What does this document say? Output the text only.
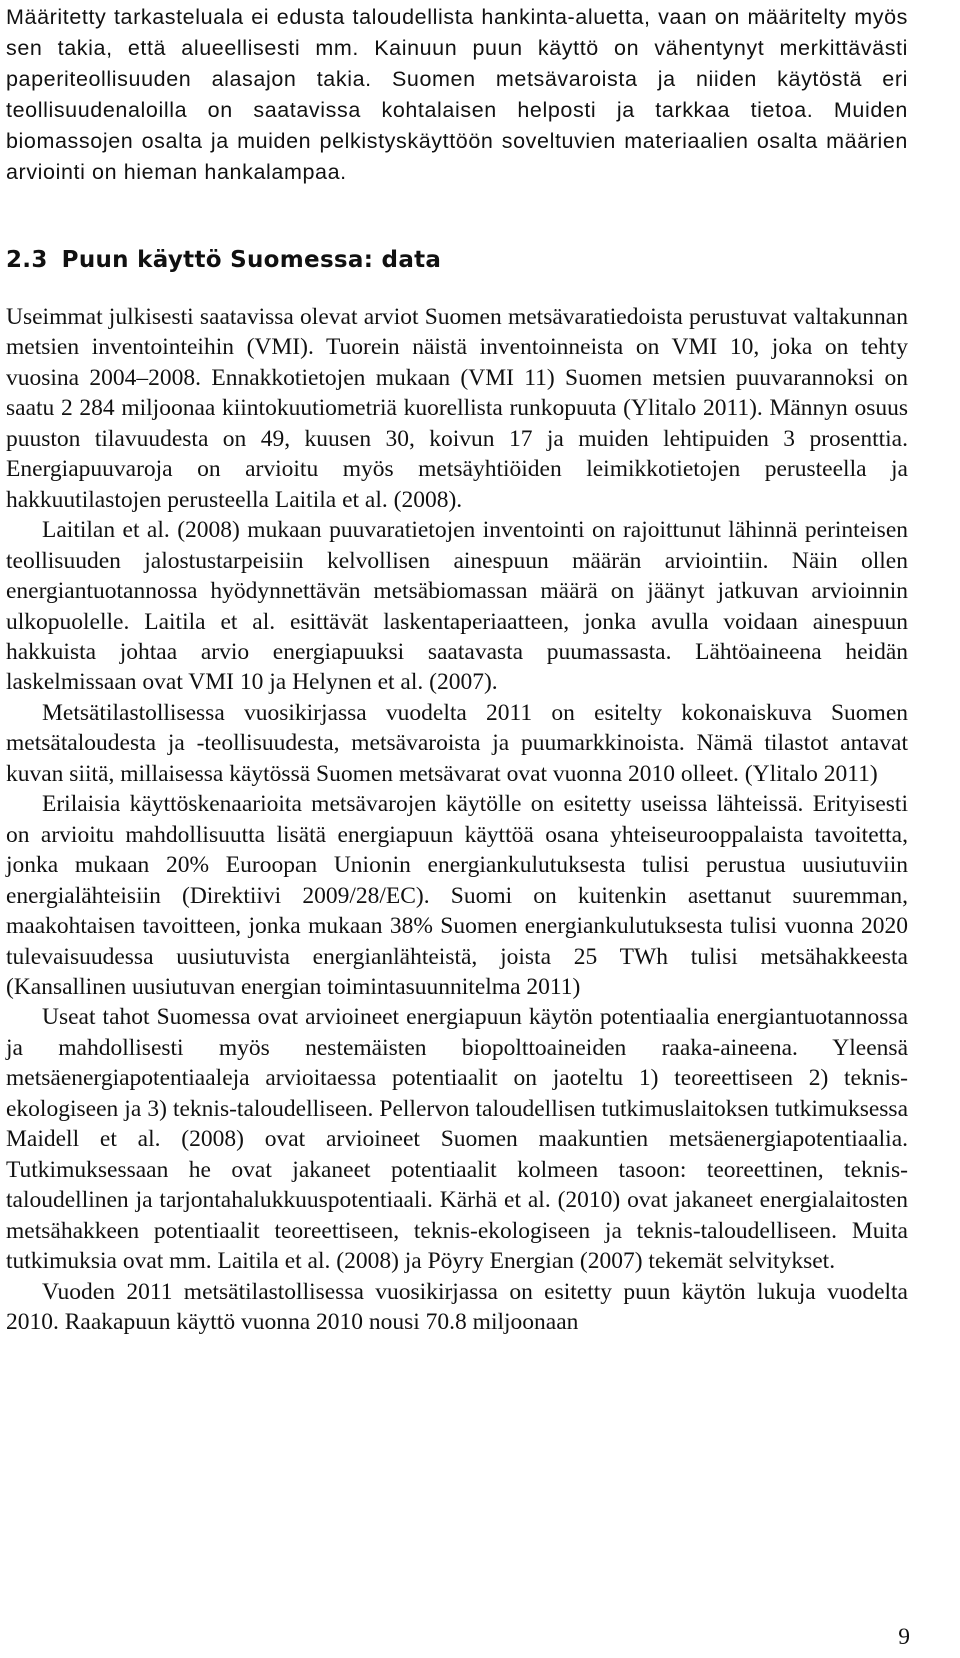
Määritetty tarkasteluala ei edusta taloudellista hankinta-aluetta, vaan on määritelty myös sen takia, että alueellisesti mm. Kainuun puun käyttö on vähentynyt merkittävästi paperiteollisuuden alasajon takia. Suomen metsävaroista ja niiden käytöstä eri teollisuudenaloilla on saatavissa kohtalaisen helposti ja tarkkaa tietoa. Muiden biomassojen osalta ja muiden pelkistyskäyttöön soveltuvien materiaalien osalta määrien arviointi on hieman hankalampaa.
2.3 Puun käyttö Suomessa: data

Useimmat julkisesti saatavissa olevat arviot Suomen metsävaratiedoista perustuvat valtakunnan metsien inventointeihin (VMI). Tuorein näistä inventoinneista on VMI 10, joka on tehty vuosina 2004–2008. Ennakkotietojen mukaan (VMI 11) Suomen metsien puuvarannoksi on saatu 2 284 miljoonaa kiintokuutiometriä kuorellista runkopuuta (Ylitalo 2011). Männyn osuus puuston tilavuudesta on 49, kuusen 30, koivun 17 ja muiden lehtipuiden 3 prosenttia. Energiapuuvaroja on arvioitu myös metsäyhtiöiden leimikkotietojen perusteella ja hakkuutilastojen perusteella Laitila et al. (2008).

Laitilan et al. (2008) mukaan puuvaratietojen inventointi on rajoittunut lähinnä perinteisen teollisuuden jalostustarpeisiin kelvollisen ainespuun määrän arviointiin. Näin ollen energiantuotannossa hyödynnettävän metsäbiomassan määrä on jäänyt jatkuvan arvioinnin ulkopuolelle. Laitila et al. esittävät laskentaperiaatteen, jonka avulla voidaan ainespuun hakkuista johtaa arvio energiapuuksi saatavasta puumassasta. Lähtöaineena heidän laskelmissaan ovat VMI 10 ja Helynen et al. (2007).

Metsätilastollisessa vuosikirjassa vuodelta 2011 on esitelty kokonaiskuva Suomen metsätaloudesta ja -teollisuudesta, metsävaroista ja puumarkkinoista. Nämä tilastot antavat kuvan siitä, millaisessa käytössä Suomen metsävarat ovat vuonna 2010 olleet. (Ylitalo 2011)

Erilaisia käyttöskenaarioita metsävarojen käytölle on esitetty useissa lähteissä. Erityisesti on arvioitu mahdollisuutta lisätä energiapuun käyttöä osana yhteiseurooppalaista tavoitetta, jonka mukaan 20% Euroopan Unionin energiankulutuksesta tulisi perustua uusiutuviin energialähteisiin (Direktiivi 2009/28/EC). Suomi on kuitenkin asettanut suuremman, maakohtaisen tavoitteen, jonka mukaan 38% Suomen energiankulutuksesta tulisi vuonna 2020 tulevaisuudessa uusiutuvista energianlähteistä, joista 25 TWh tulisi metsähakkeesta (Kansallinen uusiutuvan energian toimintasuunnitelma 2011)

Useat tahot Suomessa ovat arvioineet energiapuun käytön potentiaalia energiantuotannossa ja mahdollisesti myös nestemäisten biopolttoaineiden raaka-aineena. Yleensä metsäenergiapotentiaaleja arvioitaessa potentiaalit on jaoteltu 1) teoreettiseen 2) teknis-ekologiseen ja 3) teknis-taloudelliseen. Pellervon taloudellisen tutkimuslaitoksen tutkimuksessa Maidell et al. (2008) ovat arvioineet Suomen maakuntien metsäenergiapotentiaalia. Tutkimuksessaan he ovat jakaneet potentiaalit kolmeen tasoon: teoreettinen, teknis-taloudellinen ja tarjontahalukkuuspotentiaali. Kärhä et al. (2010) ovat jakaneet energialaitosten metsähakkeen potentiaalit teoreettiseen, teknis-ekologiseen ja teknis-taloudelliseen. Muita tutkimuksia ovat mm. Laitila et al. (2008) ja Pöyry Energian (2007) tekemät selvitykset.

Vuoden 2011 metsätilastollisessa vuosikirjassa on esitetty puun käytön lukuja vuodelta 2010. Raakapuun käyttö vuonna 2010 nousi 70.8 miljoonaan

9
